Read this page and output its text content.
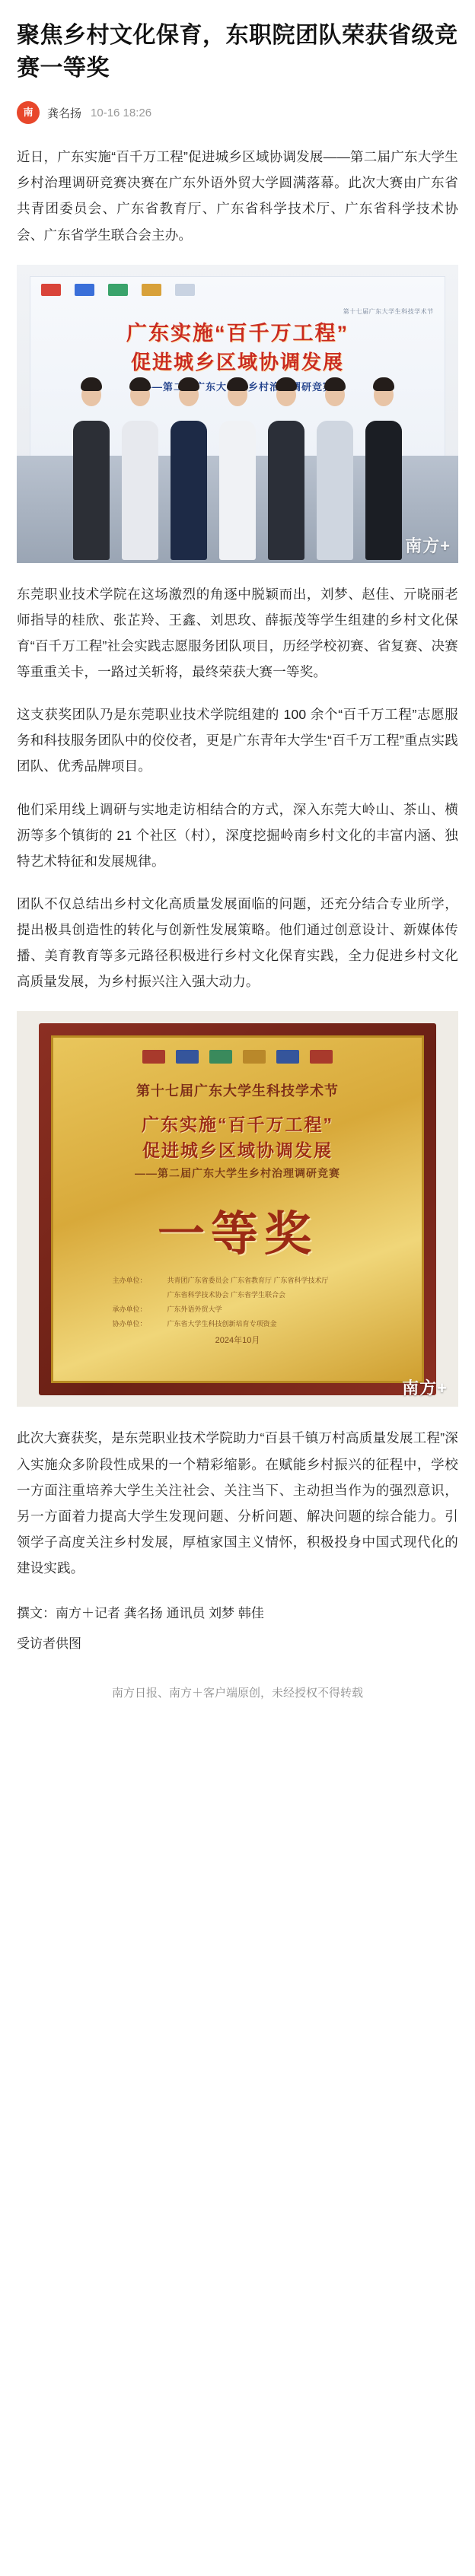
聚焦乡村文化保育，东职院团队荣获省级竞赛一等奖
南	龚名扬 10-16 18:26

近日，广东实施“百千万工程”促进城乡区域协调发展——第二届广东大学生乡村治理调研竞赛决赛在广东外语外贸大学圆满落幕。此次大赛由广东省共青团委员会、广东省教育厅、广东省科学技术厅、广东省科学技术协会、广东省学生联合会主办。

第十七届广东大学生科技学术节
广东实施“百千万工程”
促进城乡区域协调发展
南方+

东莞职业技术学院在这场激烈的角逐中脱颖而出，刘梦、赵佳、亓晓丽老师指导的桂欣、张芷羚、王鑫、刘思玫、薛振茂等学生组建的乡村文化保育“百千万工程”社会实践志愿服务团队项目，历经学校初赛、省复赛、决赛等重重关卡，一路过关斩将，最终荣获大赛一等奖。

这支获奖团队乃是东莞职业技术学院组建的 100 余个“百千万工程”志愿服务和科技服务团队中的佼佼者，更是广东青年大学生“百千万工程”重点实践团队、优秀品牌项目。

他们采用线上调研与实地走访相结合的方式，深入东莞大岭山、茶山、横沥等多个镇街的 21 个社区（村），深度挖掘岭南乡村文化的丰富内涵、独特艺术特征和发展规律。

团队不仅总结出乡村文化高质量发展面临的问题，还充分结合专业所学，提出极具创造性的转化与创新性发展策略。他们通过创意设计、新媒体传播、美育教育等多元路径积极进行乡村文化保育实践，全力促进乡村文化高质量发展，为乡村振兴注入强大动力。

第十七届广东大学生科技学术节
广东实施“百千万工程”
促进城乡区域协调发展
——第二届广东大学生乡村治理调研竞赛
一等奖
主办单位：	共青团广东省委员会 广东省教育厅 广东省科学技术厅
广东省科学技术协会 广东省学生联合会
承办单位：	广东外语外贸大学
协办单位：	广东省大学生科技创新培育专项资金
2024年10月
南方+

此次大赛获奖，是东莞职业技术学院助力“百县千镇万村高质量发展工程”深入实施众多阶段性成果的一个精彩缩影。在赋能乡村振兴的征程中，学校一方面注重培养大学生关注社会、关注当下、主动担当作为的强烈意识，另一方面着力提高大学生发现问题、分析问题、解决问题的综合能力。引领学子高度关注乡村发展，厚植家国主义情怀，积极投身中国式现代化的建设实践。

撰文：南方＋记者 龚名扬 通讯员 刘梦 韩佳
受访者供图
南方日报、南方＋客户端原创，未经授权不得转载
